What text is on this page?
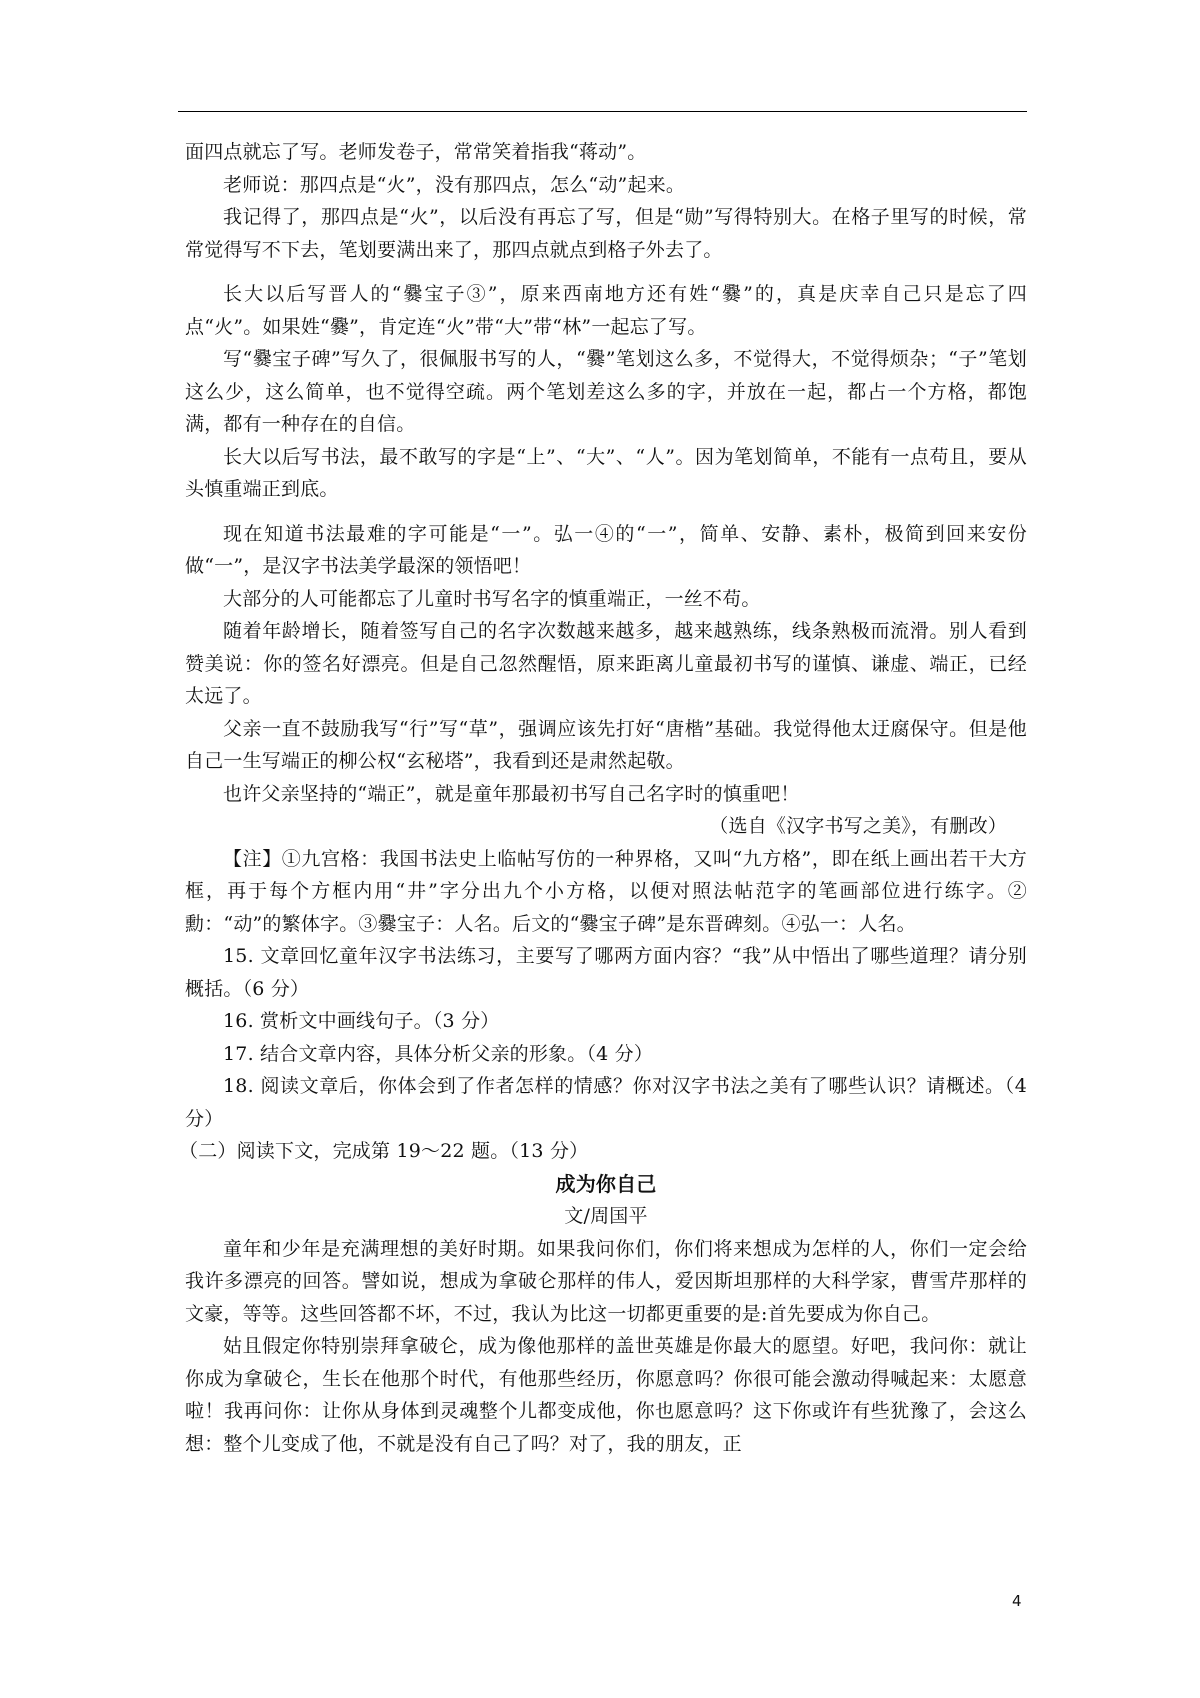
面四点就忘了写。老师发卷子，常常笑着指我“蒋动”。

老师说：那四点是“火”，没有那四点，怎么“动”起来。

我记得了，那四点是“火”，以后没有再忘了写，但是“勋”写得特别大。在格子里写的时候，常常觉得写不下去，笔划要满出来了，那四点就点到格子外去了。

长大以后写晋人的“爨宝子③”，原来西南地方还有姓“爨”的，真是庆幸自己只是忘了四点“火”。如果姓“爨”，肯定连“火”带“大”带“林”一起忘了写。

写“爨宝子碑”写久了，很佩服书写的人，“爨”笔划这么多，不觉得大，不觉得烦杂；“子”笔划这么少，这么简单，也不觉得空疏。两个笔划差这么多的字，并放在一起，都占一个方格，都饱满，都有一种存在的自信。

长大以后写书法，最不敢写的字是“上”、“大”、“人”。因为笔划简单，不能有一点苟且，要从头慎重端正到底。

现在知道书法最难的字可能是“一”。弘一④的“一”，简单、安静、素朴，极简到回来安份做“一”，是汉字书法美学最深的领悟吧！

大部分的人可能都忘了儿童时书写名字的慎重端正，一丝不苟。

随着年龄增长，随着签写自己的名字次数越来越多，越来越熟练，线条熟极而流滑。别人看到赞美说：你的签名好漂亮。但是自己忽然醒悟，原来距离儿童最初书写的谨慎、谦虚、端正，已经太远了。

父亲一直不鼓励我写“行”写“草”，强调应该先打好“唐楷”基础。我觉得他太迂腐保守。但是他自己一生写端正的柳公权“玄秘塔”，我看到还是肃然起敬。

也许父亲坚持的“端正”，就是童年那最初书写自己名字时的慎重吧！

（选自《汉字书写之美》，有删改）

【注】①九宫格：我国书法史上临帖写仿的一种界格，又叫“九方格”，即在纸上画出若干大方框，再于每个方框内用“井”字分出九个小方格，以便对照法帖范字的笔画部位进行练字。②勳：“动”的繁体字。③爨宝子：人名。后文的“爨宝子碑”是东晋碑刻。④弘一：人名。

15. 文章回忆童年汉字书法练习，主要写了哪两方面内容？“我”从中悟出了哪些道理？请分别概括。（6 分）

16. 赏析文中画线句子。（3 分）

17. 结合文章内容，具体分析父亲的形象。（4 分）

18. 阅读文章后，你体会到了作者怎样的情感？你对汉字书法之美有了哪些认识？请概述。（4 分）

（二）阅读下文，完成第 19～22 题。（13 分）

成为你自己

文/周国平

童年和少年是充满理想的美好时期。如果我问你们，你们将来想成为怎样的人，你们一定会给我许多漂亮的回答。譬如说，想成为拿破仑那样的伟人，爱因斯坦那样的大科学家，曹雪芹那样的文豪，等等。这些回答都不坏，不过，我认为比这一切都更重要的是:首先要成为你自己。

姑且假定你特别崇拜拿破仑，成为像他那样的盖世英雄是你最大的愿望。好吧，我问你：就让你成为拿破仑，生长在他那个时代，有他那些经历，你愿意吗？你很可能会激动得喊起来：太愿意啦！我再问你：让你从身体到灵魂整个儿都变成他，你也愿意吗？这下你或许有些犹豫了，会这么想：整个儿变成了他，不就是没有自己了吗？对了，我的朋友，正

4
